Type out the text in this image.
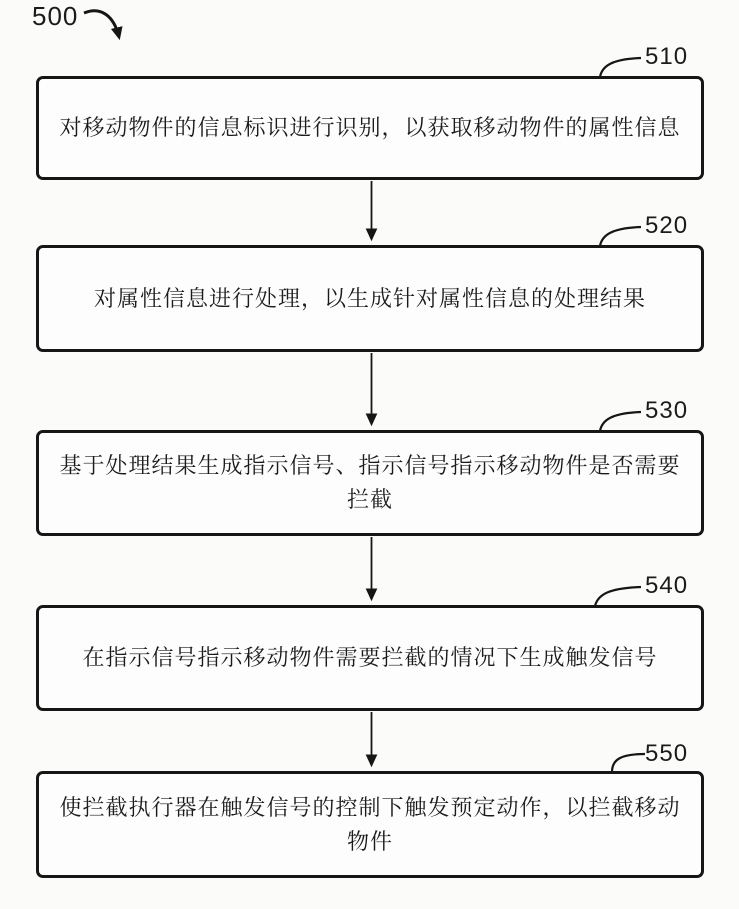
500
对移动物件的信息标识进行识别，以获取移动物件的属性信息
510
对属性信息进行处理，以生成针对属性信息的处理结果
520
基于处理结果生成指示信号、指示信号指示移动物件是否需要拦截
530
在指示信号指示移动物件需要拦截的情况下生成触发信号
540
使拦截执行器在触发信号的控制下触发预定动作，以拦截移动物件
550
